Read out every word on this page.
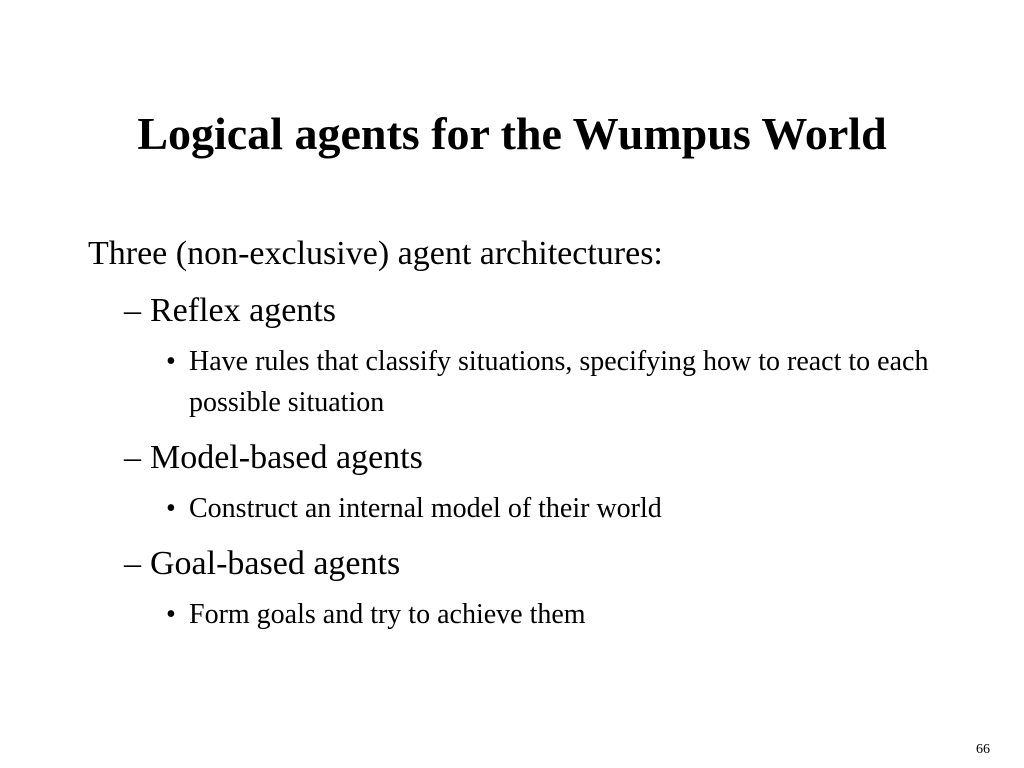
Logical agents for the Wumpus World

Three (non-exclusive) agent architectures:

– Reflex agents

• Have rules that classify situations, specifying how to react to each possible situation

– Model-based agents

• Construct an internal model of their world

– Goal-based agents

• Form goals and try to achieve them

66
